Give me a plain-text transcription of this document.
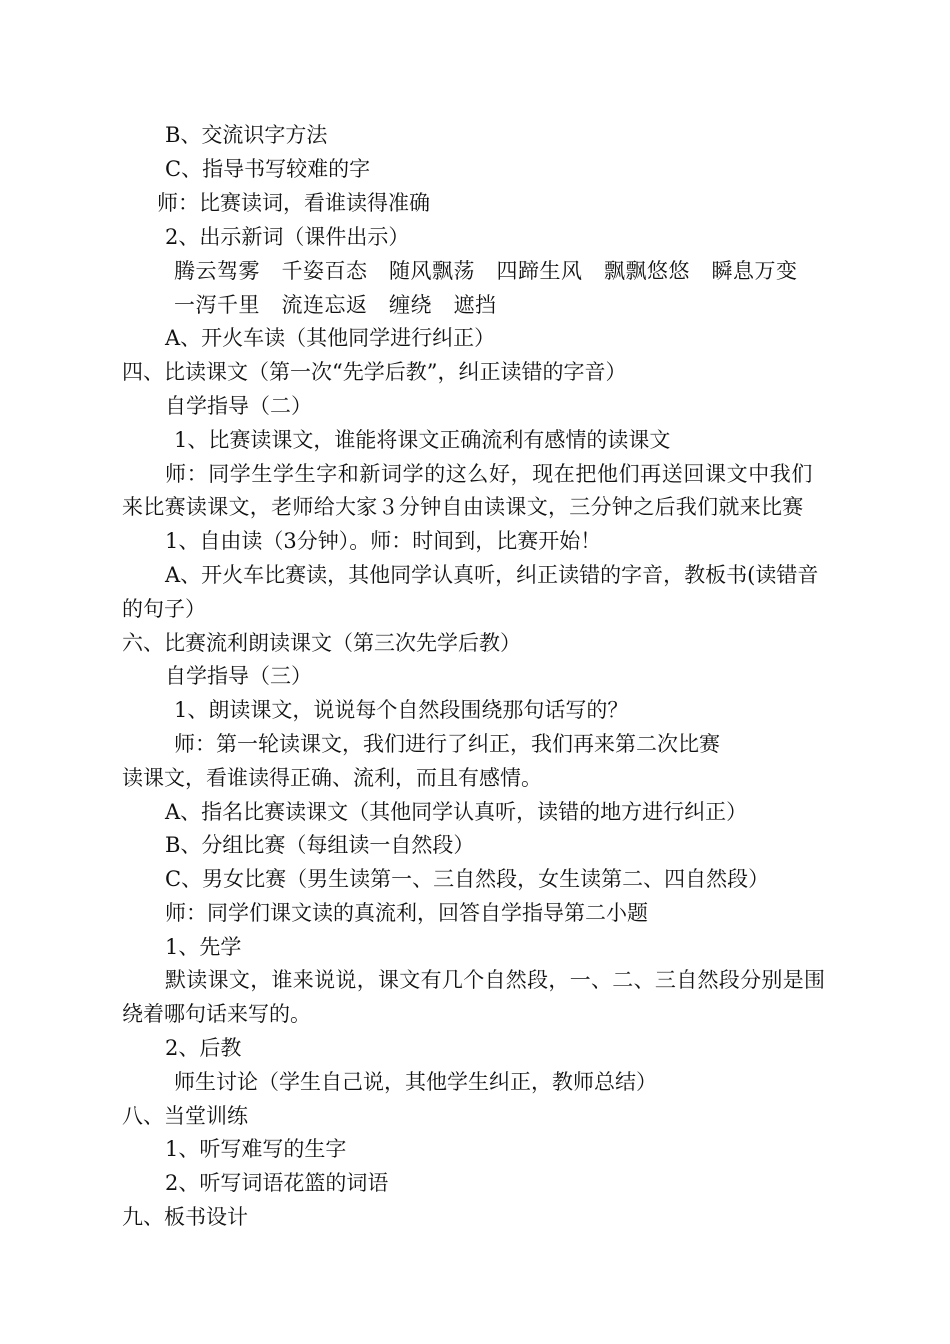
B、交流识字方法
C、指导书写较难的字
师：比赛读词，看谁读得准确
2、出示新词（课件出示）
腾云驾雾　千姿百态　随风飘荡　四蹄生风　飘飘悠悠　瞬息万变
一泻千里　流连忘返　缠绕　遮挡
A、开火车读（其他同学进行纠正）
四、比读课文（第一次“先学后教”，纠正读错的字音）
自学指导（二）
1、比赛读课文，谁能将课文正确流利有感情的读课文
师：同学生学生字和新词学的这么好，现在把他们再送回课文中我们
来比赛读课文，老师给大家３分钟自由读课文，三分钟之后我们就来比赛
1、自由读（3分钟）。师：时间到，比赛开始！
A、开火车比赛读，其他同学认真听，纠正读错的字音，教板书(读错音
的句子）
六、比赛流利朗读课文（第三次先学后教）
自学指导（三）
1、朗读课文，说说每个自然段围绕那句话写的？
师：第一轮读课文，我们进行了纠正，我们再来第二次比赛
读课文，看谁读得正确、流利，而且有感情。
A、指名比赛读课文（其他同学认真听，读错的地方进行纠正）
B、分组比赛（每组读一自然段）
C、男女比赛（男生读第一、三自然段，女生读第二、四自然段）
师：同学们课文读的真流利，回答自学指导第二小题
1、先学
默读课文，谁来说说，课文有几个自然段，一、二、三自然段分别是围
绕着哪句话来写的。
2、后教
师生讨论（学生自己说，其他学生纠正，教师总结）
八、当堂训练
1、听写难写的生字
2、听写词语花篮的词语
九、板书设计
